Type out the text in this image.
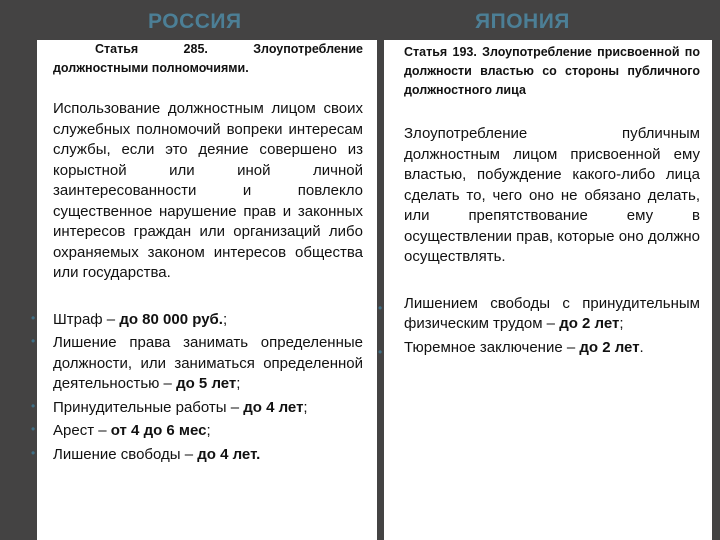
РОССИЯ	ЯПОНИЯ
Статья 285. Злоупотребление должностными полномочиями.
Использование должностным лицом своих служебных полномочий вопреки интересам службы, если это деяние совершено из корыстной или иной личной заинтересованности и повлекло существенное нарушение прав и законных интересов граждан или организаций либо охраняемых законом интересов общества или государства.
• Штраф – до 80 000 руб.;
• Лишение права занимать определенные должности, или заниматься определенной деятельностью – до 5 лет;
• Принудительные работы – до 4 лет;
• Арест – от 4 до 6 мес;
• Лишение свободы – до 4 лет.
Статья 193. Злоупотребление присвоенной по должности властью со стороны публичного должностного лица
Злоупотребление публичным должностным лицом присвоенной ему властью, побуждение какого-либо лица сделать то, чего оно не обязано делать, или препятствование ему в осуществлении прав, которые оно должно осуществлять.
• Лишением свободы с принудительным физическим трудом – до 2 лет;
• Тюремное заключение – до 2 лет.
